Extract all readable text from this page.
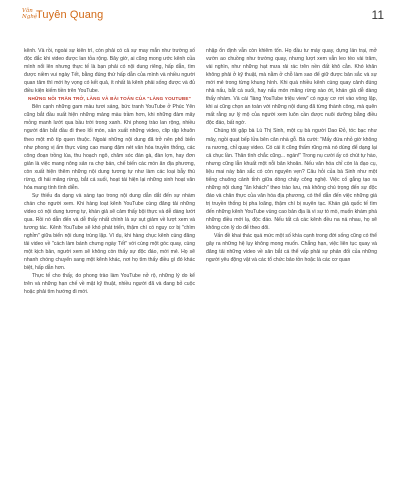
Văn
Nghệ
Tuyên Quang	11

kênh. Và rồi, ngoài sự kiên trì, còn phải có cả sự may mắn như trường số độc đắc khi video được lan tỏa rộng. Bây giờ, ai cũng mong ước kênh của mình nổi lên nhưng thực tế là bạn phải có nội dung riêng, hấp dẫn, tìm được niềm vui ngày Tết, bằng đúng thứ hấp dẫn của mình và nhiều người quan tâm thì mới hy vọng có kết quả, ít nhất là kênh phải sống được và đủ điều kiện kiếm tiền trên YouTube.

NHỮNG NỖI TRĂN TRỞ, LÀNG VÀ BÀI TOÁN CỦA "LÀNG YOUTUBE"

Bên cạnh những gam màu tươi sáng, bức tranh YouTube ở Phúc Yên cũng bắt đầu xuất hiện những mảng màu trầm hơn, khi những đàm mây mỏng manh lướt qua bầu trời trong xanh. Khi phong trào lan rộng, nhiều người dân bắt đầu đi theo lối mòn, sản xuất những video, clip rập khuôn theo một mô típ quen thuộc. Ngoài những nội dung đã trở nên phổ biến như phong vị ẩm thực vùng cao mang đậm nét văn hóa truyền thống, các công đoạn trồng lúa, thu hoạch ngô, chăm sóc đàn gà, đàn lợn, hay đơn giản là việc mang nông sản ra chợ bán, chế biến các món ăn địa phương, còn xuất hiện thêm những nội dung tương tự như làm các loại bẫy thú rừng, đi hái măng rừng, bắt cá suối, hoạt tái hiện lại những sinh hoạt văn hóa mang tính tình diễn.

Sự thiếu đa dạng và sáng tạo trong nội dung dẫn dắt đến sự nhàm chán cho người xem. Khi hàng loạt kênh YouTube cùng đăng tải những video có nội dung tương tự, khán giả sẽ cảm thấy bội thực và dễ dàng lướt qua. Rồi nó dẫn đến và dễ thấy nhất chính là sự sụt giảm về lượt xem và tương tác. Kênh YouTube sẽ khó phát triển, thậm chí có nguy cơ bị "chìm nghỉm" giữa biển nội dung trùng lặp. Ví dụ, khi hàng chục kênh cùng đăng tải video về "cách làm bánh chưng ngày Tết" với cùng một góc quay, cùng một kịch bản, người xem sẽ không còn thấy sự độc đáo, mới mẻ. Họ sẽ nhanh chóng chuyển sang một kênh khác, nơi họ tìm thấy điều gì đó khác biệt, hấp dẫn hơn.

Thực tế cho thấy, do phong trào làm YouTube nở rộ, những lý do kể trên và những hạn chế về mặt kỹ thuật, nhiều người đã và đang bỏ cuộc hoặc phải tìm hướng đi mới.

nhập ổn định vẫn còn khiêm tốn. Họ đầu tư máy quay, dựng lán trại, mở vườn ao chuồng như trường quay, nhưng lượt xem vẫn leo tèo vài trăm, vài nghìn, như những hạt mưa rải rác trên nền đất khô cằn. Khó khăn không phải ở kỹ thuật, mà nằm ở chỗ làm sao để giữ được bản sắc và sự mới mẻ trong từng khung hình. Khi quá nhiều kênh cùng quay cảnh đúng nhà nấu, bắt cá suối, hay nấu món măng rừng xào ớt, khán giả dễ dàng thấy nhàm. Và cái "làng YouTube triệu view" có nguy cơ rơi vào vòng lặp, khi ai cũng chọn an toàn với những nội dung đã từng thành công, mà quên mất rằng sự lý mộ của người xem luôn cần được nuôi dưỡng bằng điều độc đáo, bất ngờ.

Chúng tôi gặp bà Lù Thị Sinh, một cụ bà người Dao Đỏ, tóc bạc như mây, ngồi quạt bếp lửa bên căn nhà gỗ. Bà cười: "Mấy đứa nhỏ giờ không ra nương, chỉ quay video. Có cái ít cũng thấm rũng mà nó dùng để dạng lại cả chục lần. Thân tình chắc cũng... ngán!" Trong nụ cười ấy có chút tự hào, nhưng cũng lẫn khuất một nỗi băn khoăn. Nếu văn hóa chỉ còn là đạo cụ, liệu mai này bản sắc có còn nguyên vẹn? Câu hỏi của bà Sinh như một tiếng chuông cảnh tỉnh giữa dòng chảy công nghệ. Việc cố gắng tạo ra những nội dung "ăn khách" theo trào lưu, mà không chú trọng đến sự độc đáo và chân thực của văn hóa địa phương, có thể dẫn đến việc những giá trị truyền thống bị pha loãng, thậm chí bị xuyên tạc. Khán giả quốc tế tìm đến những kênh YouTube vùng cao bản địa là vì sự tò mò, muốn khám phá những điều mới lạ, độc đáo. Nếu tất cả các kênh đều na ná nhau, họ sẽ không còn lý do để theo dõi.

Vấn đề khai thác quá mức một số khía cạnh trong đời sống cũng có thể gây ra những hệ lụy không mong muốn. Chẳng hạn, việc liên tục quay và đăng tải những video về săn bắt cá thể vấp phải sự phản đối của những người yêu động vật và các tổ chức bảo tồn hoặc là các cơ quan
